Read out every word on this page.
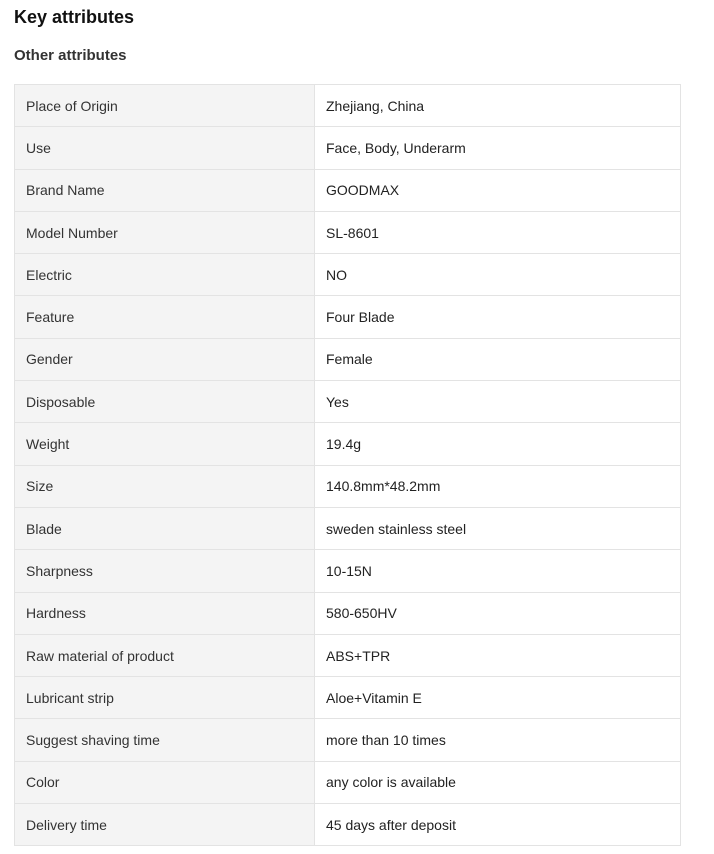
Key attributes
Other attributes
Place of Origin	Zhejiang, China
Use	Face, Body, Underarm
Brand Name	GOODMAX
Model Number	SL-8601
Electric	NO
Feature	Four Blade
Gender	Female
Disposable	Yes
Weight	19.4g
Size	140.8mm*48.2mm
Blade	sweden stainless steel
Sharpness	10-15N
Hardness	580-650HV
Raw material of product	ABS+TPR
Lubricant strip	Aloe+Vitamin E
Suggest shaving time	more than 10 times
Color	any color is available
Delivery time	45 days after deposit
